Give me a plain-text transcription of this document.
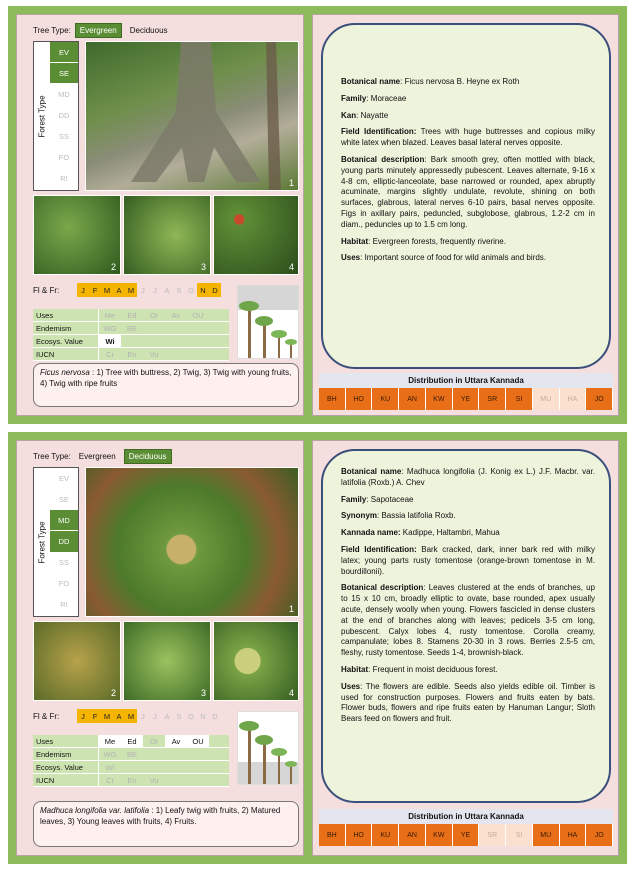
Tree Type:	Evergreen	Deciduous
Forest Type
EV
SE
MD
DD
SS
FO
RI	1
2	3	4
Fl & Fr:	J	F M A M J	J	A S O N D
Uses	Me	Ed	Or	Av	OU
Endemism	WG	BE
Ecosys. Value	Wi
IUCN	Cr	En	Vu
Ficus nervosa : 1) Tree with buttress, 2) Twig, 3) Twig with young fruits, 4) Twig with ripe fruits

Botanical name: Ficus nervosa B. Heyne ex Roth

Family: Moraceae

Kan: Nayatte

Field Identification: Trees with huge buttresses and copious milky white latex when blazed. Leaves basal lateral nerves opposite.

Botanical description: Bark smooth grey, often mottled with black, young parts minutely appressedly pubescent. Leaves alternate, 9-16 x 4-8 cm, elliptic-lanceolate, base narrowed or rounded, apex abruptly acuminate, margins slightly undulate, revolute, shining on both surfaces, glabrous, lateral nerves 6-10 pairs, basal nerves opposite. Figs in axillary pairs, peduncled, subglobose, glabrous, 1.2-2 cm in diam., peduncles up to 1.5 cm long.

Habitat: Evergreen forests, frequently riverine.

Uses: Important source of food for wild animals and birds.

Distribution in Uttara Kannada
BH	HO	KU	AN	KW	YE	SR	SI	MU	HA	JO
Tree Type:	Evergreen	Deciduous
Forest Type
EV
SE
MD
DD
SS
FO
RI	1
2	3	4
Fl & Fr:	J	F M A M J	J	A S O N D
Uses	Me	Ed	Or	Av	OU
Endemism	WG	BE
Ecosys. Value	Wi
IUCN	Cr	En	Vu
Madhuca longifolia var. latifolia : 1) Leafy twig with fruits, 2) Matured leaves, 3) Young leaves with fruits, 4) Fruits.

Botanical name: Madhuca longifolia (J. Konig ex L.) J.F. Macbr. var. latifolia (Roxb.) A. Chev

Family: Sapotaceae

Synonym: Bassia latifolia Roxb.

Kannada name: Kadippe, Haltambri, Mahua

Field Identification: Bark cracked, dark, inner bark red with milky latex; young parts rusty tomentose (orange-brown tomentose in M. bourdillonii).

Botanical description: Leaves clustered at the ends of branches, up to 15 x 10 cm, broadly elliptic to ovate, base rounded, apex usually acute, densely woolly when young. Flowers fascicled in dense clusters at the end of branches along with leaves; pedicels 3-5 cm long, pubescent. Calyx lobes 4, rusty tomentose. Corolla creamy, campanulate; lobes 8. Stamens 20-30 in 3 rows. Berries 2.5-5 cm, fleshy, rusty tomentose. Seeds 1-4, brownish-black.

Habitat: Frequent in moist deciduous forest.

Uses: The flowers are edible. Seeds also yields edible oil. Timber is used for construction purposes. Flowers and fruits eaten by bats. Flower buds, flowers and ripe fruits eaten by Hanuman Langur; Sloth Bears feed on flowers and fruit.

Distribution in Uttara Kannada
BH	HO	KU	AN	KW	YE	SR	SI	MU	HA	JO
